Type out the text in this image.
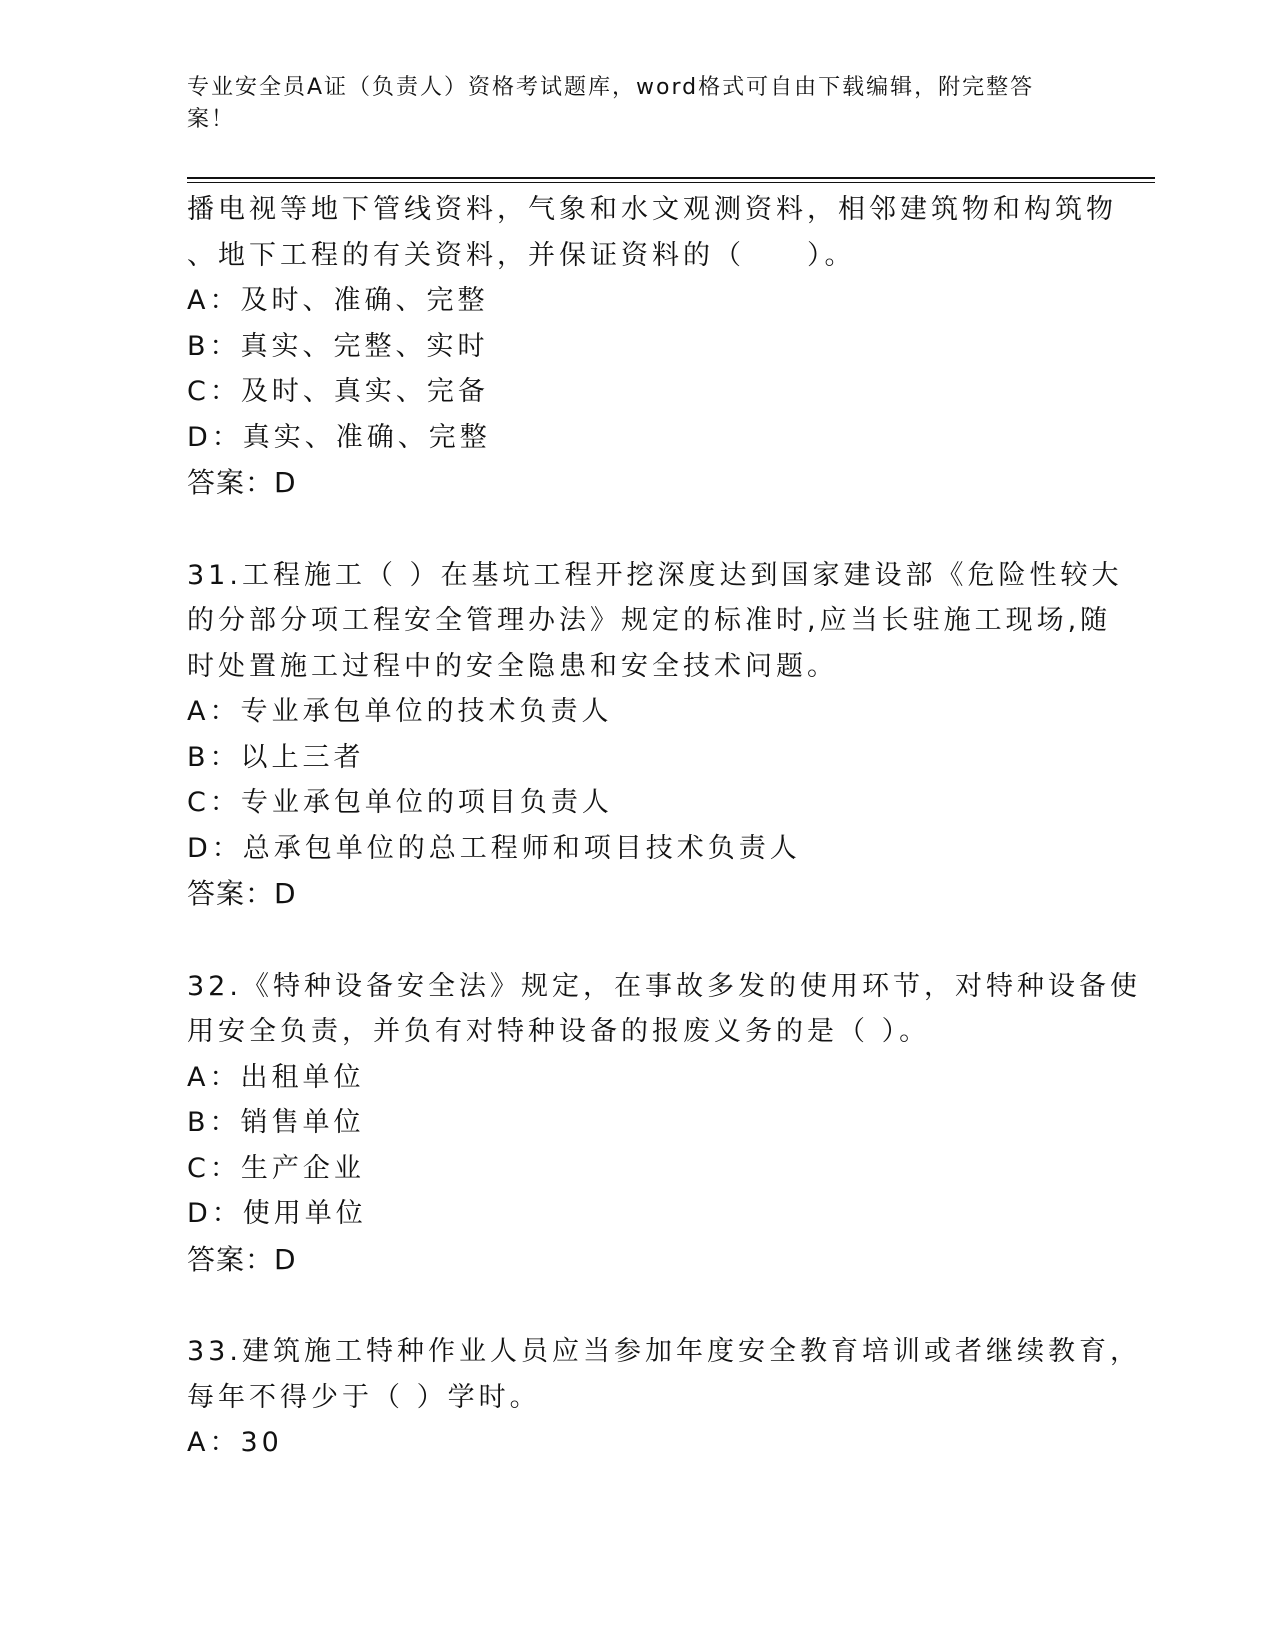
专业安全员A证（负责人）资格考试题库，word格式可自由下载编辑，附完整答
案！
播电视等地下管线资料，气象和水文观测资料，相邻建筑物和构筑物
、地下工程的有关资料，并保证资料的（　　）。
A：及时、准确、完整
B：真实、完整、实时
C：及时、真实、完备
D：真实、准确、完整
答案：D
31.工程施工（ ）在基坑工程开挖深度达到国家建设部《危险性较大
的分部分项工程安全管理办法》规定的标准时,应当长驻施工现场,随
时处置施工过程中的安全隐患和安全技术问题。
A：专业承包单位的技术负责人
B：以上三者
C：专业承包单位的项目负责人
D：总承包单位的总工程师和项目技术负责人
答案：D
32.《特种设备安全法》规定，在事故多发的使用环节，对特种设备使
用安全负责，并负有对特种设备的报废义务的是（ ）。
A：出租单位
B：销售单位
C：生产企业
D：使用单位
答案：D
33.建筑施工特种作业人员应当参加年度安全教育培训或者继续教育，
每年不得少于（ ）学时。
A：30
